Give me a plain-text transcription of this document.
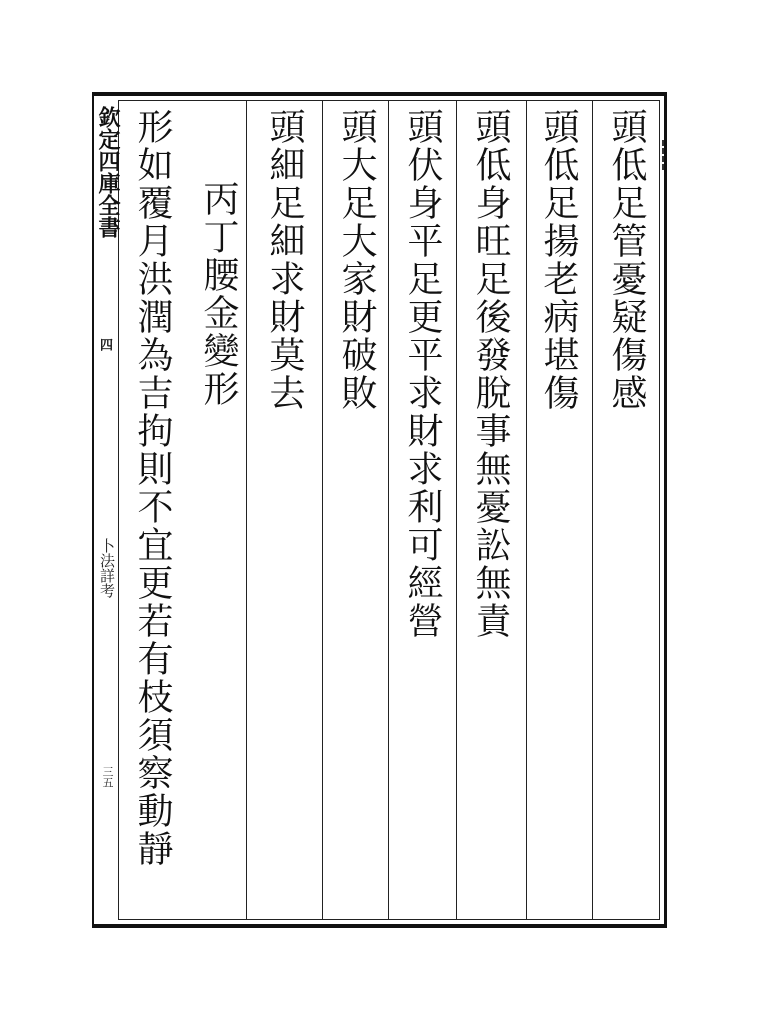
欽定四庫全書
四
卜法詳考
三五
頭低足管憂疑傷感
頭低足揚老病堪傷
頭低身旺足後發脫事無憂訟無責
頭伏身平足更平求財求利可經營
頭大足大家財破敗
頭細足細求財莫去
丙丁腰金變形
形如覆月洪潤為吉拘則不宜更若有枝須察動靜
